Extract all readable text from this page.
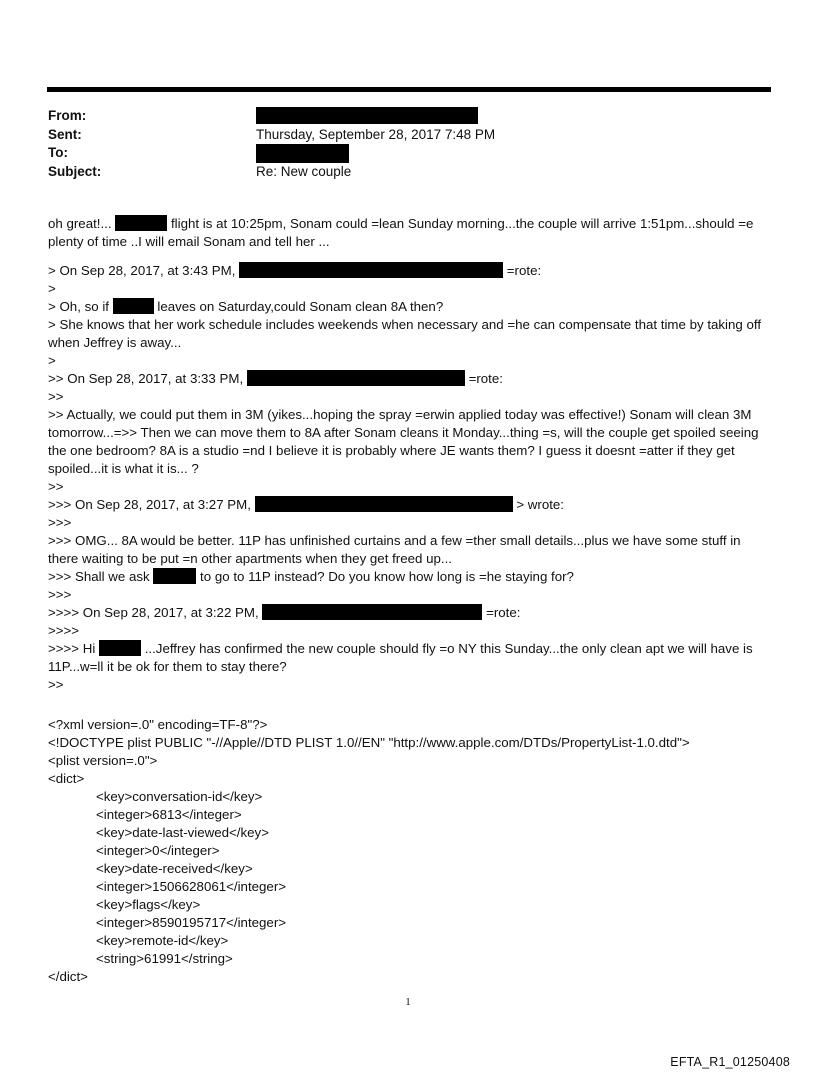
From:
Sent:	Thursday, September 28, 2017 7:48 PM
To:
Subject:	Re: New couple
oh great!...	flight is at 10:25pm, Sonam could =lean Sunday morning...the couple will arrive 1:51pm...should =e plenty of time ..I will email Sonam and tell her ...
> On Sep 28, 2017, at 3:43 PM,	=rote:
>
> Oh, so if	leaves on Saturday,could Sonam clean 8A then?
> She knows that her work schedule includes weekends when necessary and =he can compensate that time by taking off when Jeffrey is away...
>
>> On Sep 28, 2017, at 3:33 PM,	=rote:
>>
>> Actually, we could put them in 3M (yikes...hoping the spray =erwin applied today was effective!) Sonam will clean 3M tomorrow...=>> Then we can move them to 8A after Sonam cleans it Monday...thing =s, will the couple get spoiled seeing the one bedroom? 8A is a studio =nd I believe it is probably where JE wants them? I guess it doesnt =atter if they get spoiled...it is what it is... ?
>>
>>> On Sep 28, 2017, at 3:27 PM,	> wrote:
>>>
>>> OMG... 8A would be better. 11P has unfinished curtains and a few =ther small details...plus we have some stuff in there waiting to be put =n other apartments when they get freed up...
>>> Shall we ask	to go to 11P instead? Do you know how long is =he staying for?
>>>
>>>> On Sep 28, 2017, at 3:22 PM,	=rote:
>>>>
>>>> Hi	...Jeffrey has confirmed the new couple should fly =o NY this Sunday...the only clean apt we will have is 11P...w=ll it be ok for them to stay there?
>>
<?xml version=.0" encoding=TF-8"?>
<!DOCTYPE plist PUBLIC "-//Apple//DTD PLIST 1.0//EN" "http://www.apple.com/DTDs/PropertyList-1.0.dtd">
<plist version=.0">
<dict>
<key>conversation-id</key>
<integer>6813</integer>
<key>date-last-viewed</key>
<integer>0</integer>
<key>date-received</key>
<integer>1506628061</integer>
<key>flags</key>
<integer>8590195717</integer>
<key>remote-id</key>
<string>61991</string>
</dict>
1
EFTA_R1_01250408
